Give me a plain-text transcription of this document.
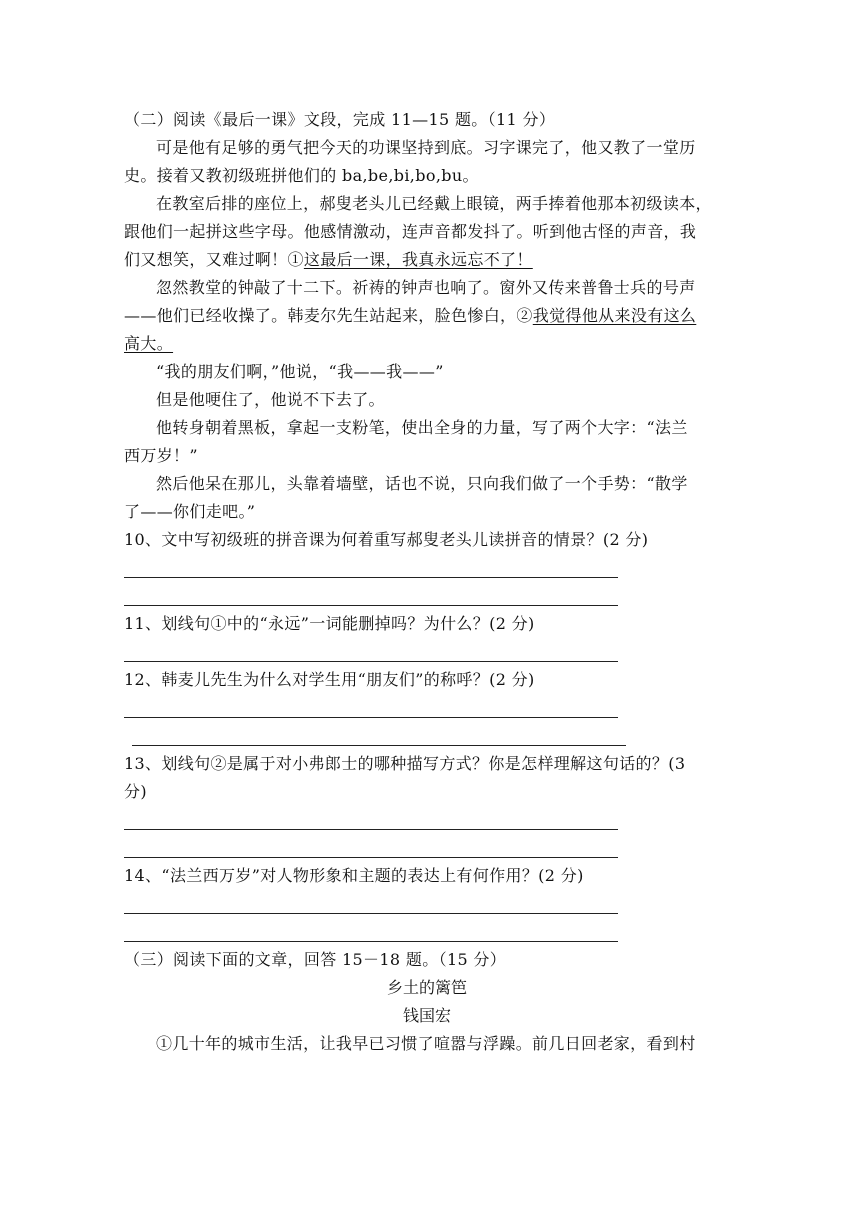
（二）阅读《最后一课》文段，完成 11—15 题。（11 分）
可是他有足够的勇气把今天的功课坚持到底。习字课完了，他又教了一堂历
史。接着又教初级班拼他们的 ba,be,bi,bo,bu。
在教室后排的座位上，郝叟老头儿已经戴上眼镜，两手捧着他那本初级读本，
跟他们一起拼这些字母。他感情激动，连声音都发抖了。听到他古怪的声音，我
们又想笑，又难过啊！①这最后一课，我真永远忘不了！
忽然教堂的钟敲了十二下。祈祷的钟声也响了。窗外又传来普鲁士兵的号声
——他们已经收操了。韩麦尔先生站起来，脸色惨白，②我觉得他从来没有这么
高大。
“我的朋友们啊，”他说，“我——我——”
但是他哽住了，他说不下去了。
他转身朝着黑板，拿起一支粉笔，使出全身的力量，写了两个大字：“法兰
西万岁！”
然后他呆在那儿，头靠着墙壁，话也不说，只向我们做了一个手势：“散学
了——你们走吧。”
10、文中写初级班的拼音课为何着重写郝叟老头儿读拼音的情景？(2 分)
11、划线句①中的“永远”一词能删掉吗？为什么？(2 分)
12、韩麦儿先生为什么对学生用“朋友们”的称呼？(2 分)
13、划线句②是属于对小弗郎士的哪种描写方式？你是怎样理解这句话的？(3
分)
14、“法兰西万岁”对人物形象和主题的表达上有何作用？(2 分)
（三）阅读下面的文章，回答 15－18 题。（15 分）
乡土的篱笆
钱国宏
①几十年的城市生活，让我早已习惯了喧嚣与浮躁。前几日回老家，看到村
